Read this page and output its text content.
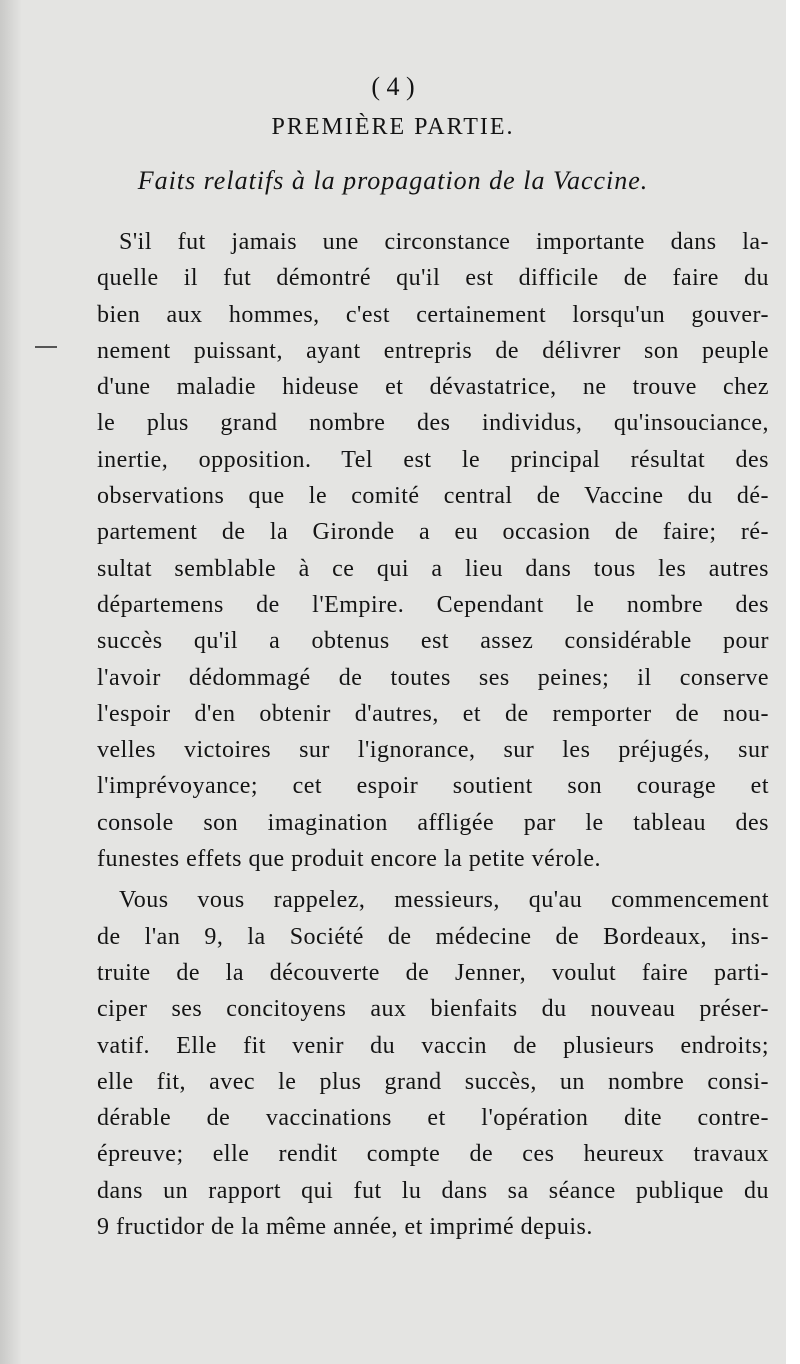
( 4 )
PREMIÈRE PARTIE.
Faits relatifs à la propagation de la Vaccine.
S'il fut jamais une circonstance importante dans la-
quelle il fut démontré qu'il est difficile de faire du
bien aux hommes, c'est certainement lorsqu'un gouver-
nement puissant, ayant entrepris de délivrer son peuple
d'une maladie hideuse et dévastatrice, ne trouve chez
le plus grand nombre des individus, qu'insouciance,
inertie, opposition. Tel est le principal résultat des
observations que le comité central de Vaccine du dé-
partement de la Gironde a eu occasion de faire; ré-
sultat semblable à ce qui a lieu dans tous les autres
départemens de l'Empire. Cependant le nombre des
succès qu'il a obtenus est assez considérable pour
l'avoir dédommagé de toutes ses peines; il conserve
l'espoir d'en obtenir d'autres, et de remporter de nou-
velles victoires sur l'ignorance, sur les préjugés, sur
l'imprévoyance; cet espoir soutient son courage et
console son imagination affligée par le tableau des
funestes effets que produit encore la petite vérole.
Vous vous rappelez, messieurs, qu'au commencement
de l'an 9, la Société de médecine de Bordeaux, ins-
truite de la découverte de Jenner, voulut faire parti-
ciper ses concitoyens aux bienfaits du nouveau préser-
vatif. Elle fit venir du vaccin de plusieurs endroits;
elle fit, avec le plus grand succès, un nombre consi-
dérable de vaccinations et l'opération dite contre-
épreuve; elle rendit compte de ces heureux travaux
dans un rapport qui fut lu dans sa séance publique du
9 fructidor de la même année, et imprimé depuis.
